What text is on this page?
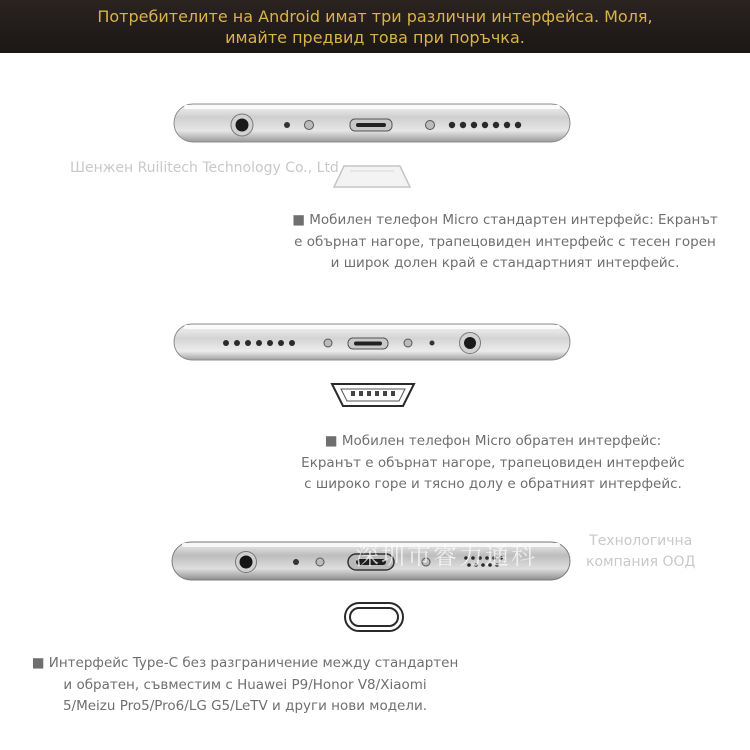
Потребителите на Android имат три различни интерфейса. Моля,
имайте предвид това при поръчка.
Шенжен Ruilitech Technology Co., Ltd
■ Мобилен телефон Micro стандартен интерфейс: Екранът
е обърнат нагоре, трапецовиден интерфейс с тесен горен
и широк долен край е стандартният интерфейс.
■ Мобилен телефон Micro обратен интерфейс:
Екранът е обърнат нагоре, трапецовиден интерфейс
с широко горе и тясно долу е обратният интерфейс.
Технологична
компания ООД
深圳市睿力通科
■ Интерфейс Type-C без разграничение между стандартен
и обратен, съвместим с Huawei P9/Honor V8/Xiaomi
5/Meizu Pro5/Pro6/LG G5/LeTV и други нови модели.
